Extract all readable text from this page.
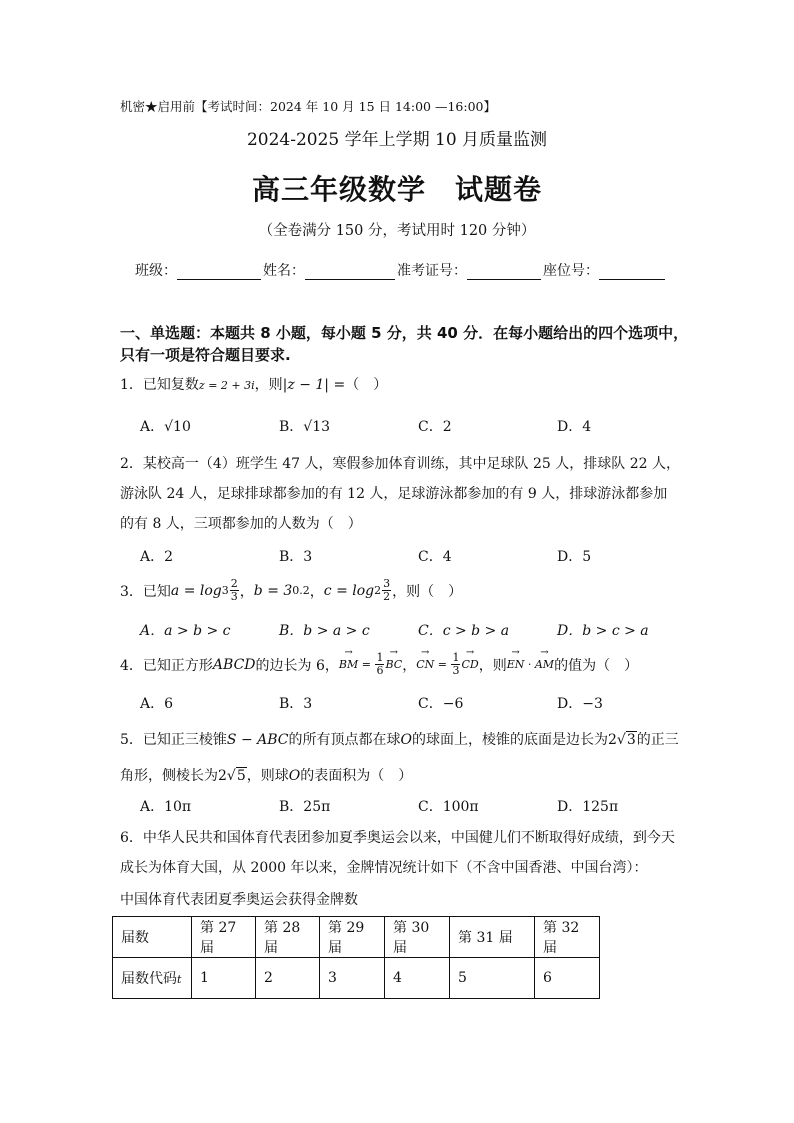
机密★启用前【考试时间：2024 年 10 月 15 日 14:00 —16:00】
2024-2025 学年上学期 10 月质量监测
高三年级数学　试题卷
（全卷满分 150 分，考试用时 120 分钟）
班级：	姓名：	准考证号：	座位号：
一、单选题：本题共 8 小题，每小题 5 分，共 40 分．在每小题给出的四个选项中，只有一项是符合题目要求.
1．已知复数z = 2 + 3i，则|z − 1| =（　）
A．√10	B．√13	C．2	D．4
2．某校高一（4）班学生 47 人，寒假参加体育训练，其中足球队 25 人，排球队 22 人，游泳队 24 人，足球排球都参加的有 12 人，足球游泳都参加的有 9 人，排球游泳都参加的有 8 人，三项都参加的人数为（　）
A．2	B．3	C．4	D．5
3．已知 $a = \log 3 \frac{2}{3}$ ， b = 3 0.2 ， $c = \log 2 \frac{3}{2}$ ，则（　）
A．a > b > c	B．b > a > c	C．c > b > a	D．b > c > a
4．已知正方形 ABCD 的边长为 6， → BM = $\frac{1}{6}$ → BC ， → CN = $\frac{1}{3}$ → CD ，则 → EN · → AM 的值为（　）
A．6	B．3	C．−6	D．−3
5．已知正三棱锥S − ABC的所有顶点都在球O的球面上，棱锥的底面是边长为2√3的正三
角形，侧棱长为2√5，则球O的表面积为（　）
A．10π	B．25π	C．100π	D．125π
6．中华人民共和国体育代表团参加夏季奥运会以来，中国健儿们不断取得好成绩，到今天成长为体育大国，从 2000 年以来，金牌情况统计如下（不含中国香港、中国台湾）：
中国体育代表团夏季奥运会获得金牌数
届数	第 27 届	第 28 届	第 29 届	第 30 届	第 31 届	第 32 届
届数代码t	1	2	3	4	5	6
